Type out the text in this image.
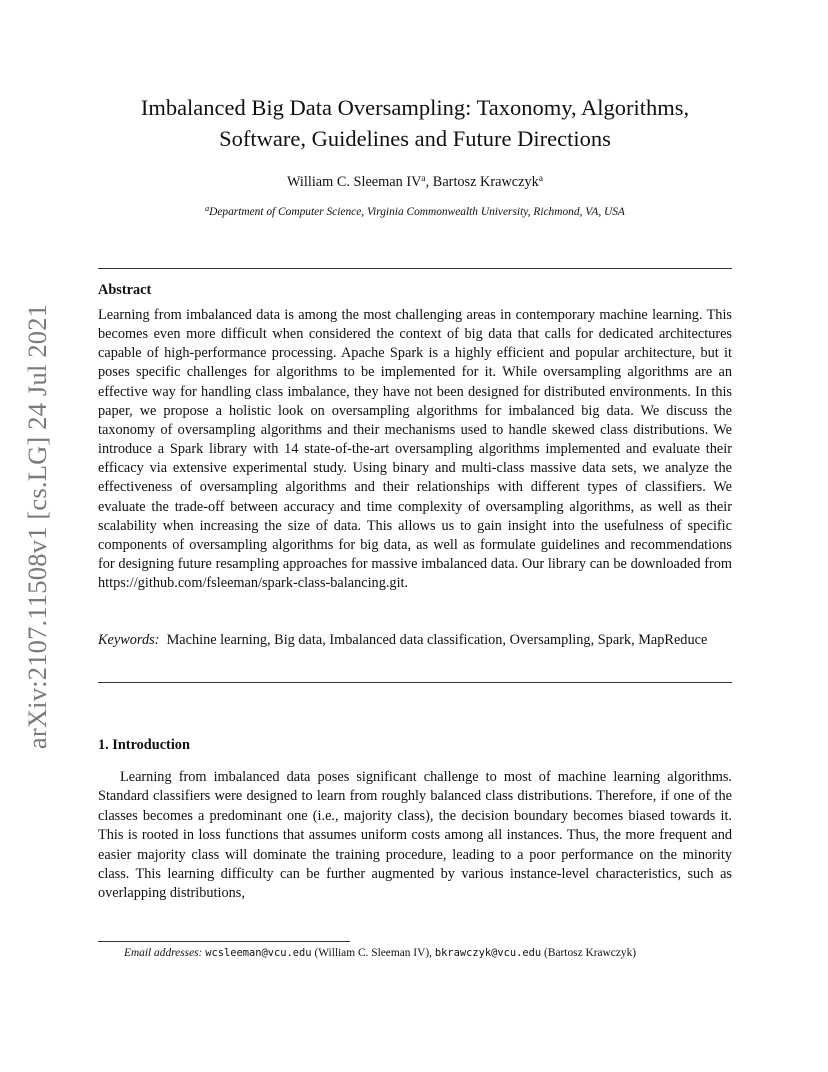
arXiv:2107.11508v1 [cs.LG] 24 Jul 2021
Imbalanced Big Data Oversampling: Taxonomy, Algorithms,
Software, Guidelines and Future Directions
William C. Sleeman $IV^a$, Bartosz Krawczyk$^a$
$^a$Department of Computer Science, Virginia Commonwealth University, Richmond, VA, USA
Abstract

Learning from imbalanced data is among the most challenging areas in contemporary machine learning. This becomes even more difficult when considered the context of big data that calls for dedicated architectures capable of high-performance processing. Apache Spark is a highly efficient and popular architecture, but it poses specific challenges for algorithms to be implemented for it. While oversampling algorithms are an effective way for handling class imbalance, they have not been designed for distributed environments. In this paper, we propose a holistic look on oversampling algorithms for imbalanced big data. We discuss the taxonomy of oversampling algorithms and their mechanisms used to handle skewed class distributions. We introduce a Spark library with 14 state-of-the-art oversampling algorithms implemented and evaluate their efficacy via extensive experimental study. Using binary and multi-class massive data sets, we analyze the effectiveness of oversampling algorithms and their relationships with different types of classifiers. We evaluate the trade-off between accuracy and time complexity of oversampling algorithms, as well as their scalability when increasing the size of data. This allows us to gain insight into the usefulness of specific components of oversampling algorithms for big data, as well as formulate guidelines and recommendations for designing future resampling approaches for massive imbalanced data. Our library can be downloaded from https://github.com/fsleeman/spark-class-balancing.git.

Keywords: Machine learning, Big data, Imbalanced data classification, Oversampling, Spark, MapReduce

1. Introduction

Learning from imbalanced data poses significant challenge to most of machine learning algorithms. Standard classifiers were designed to learn from roughly balanced class distributions. Therefore, if one of the classes becomes a predominant one (i.e., majority class), the decision boundary becomes biased towards it. This is rooted in loss functions that assumes uniform costs among all instances. Thus, the more frequent and easier majority class will dominate the training procedure, leading to a poor performance on the minority class. This learning difficulty can be further augmented by various instance-level characteristics, such as overlapping distributions,

Email addresses: wcsleeman@vcu.edu (William C. Sleeman IV), bkrawczyk@vcu.edu (Bartosz Krawczyk)
